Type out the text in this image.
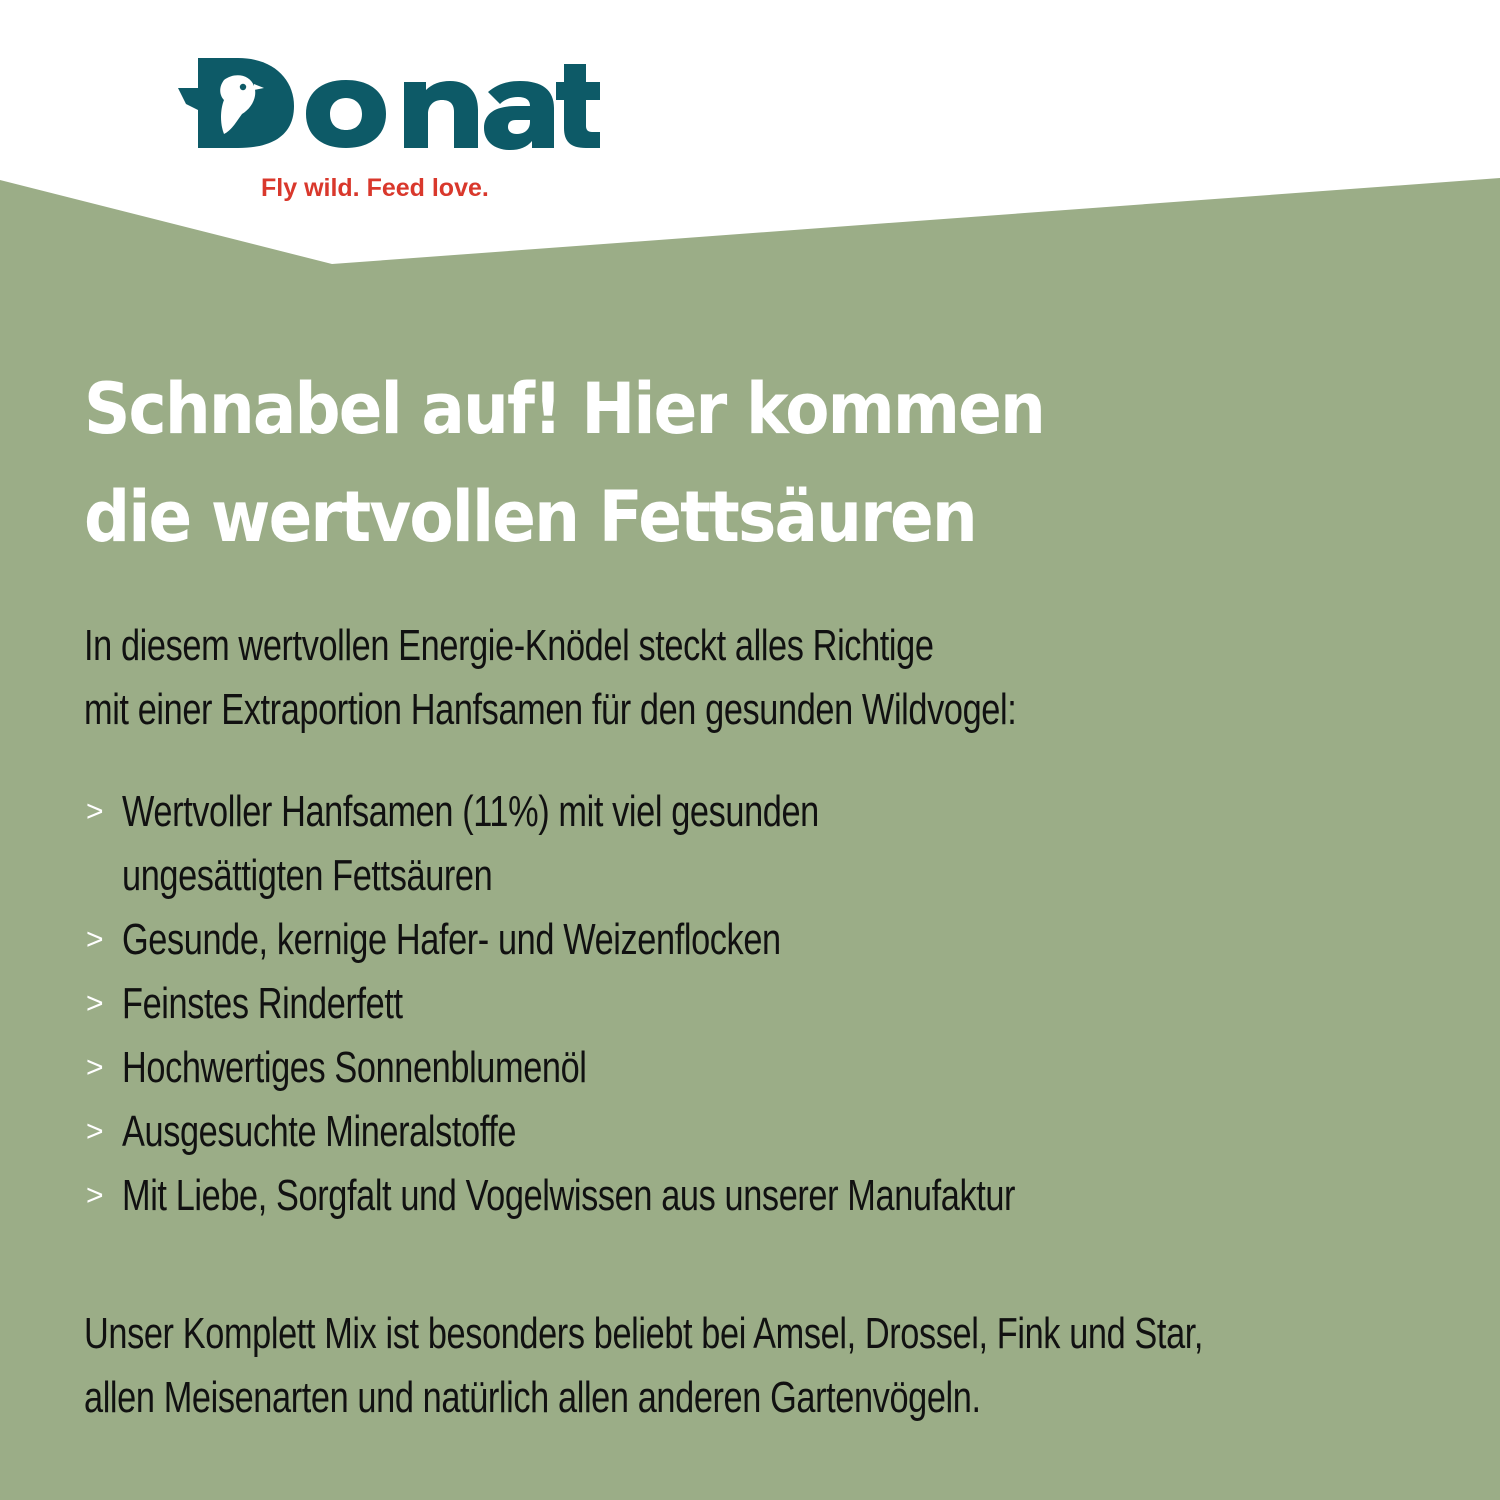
Fly wild. Feed love.
Schnabel auf! Hier kommen
die wertvollen Fettsäuren
In diesem wertvollen Energie-Knödel steckt alles Richtige
mit einer Extraportion Hanfsamen für den gesunden Wildvogel:
> Wertvoller Hanfsamen (11%) mit viel gesunden
ungesättigten Fettsäuren
> Gesunde, kernige Hafer- und Weizenflocken
> Feinstes Rinderfett
> Hochwertiges Sonnenblumenöl
> Ausgesuchte Mineralstoffe
> Mit Liebe, Sorgfalt und Vogelwissen aus unserer Manufaktur
Unser Komplett Mix ist besonders beliebt bei Amsel, Drossel, Fink und Star,
allen Meisenarten und natürlich allen anderen Gartenvögeln.
